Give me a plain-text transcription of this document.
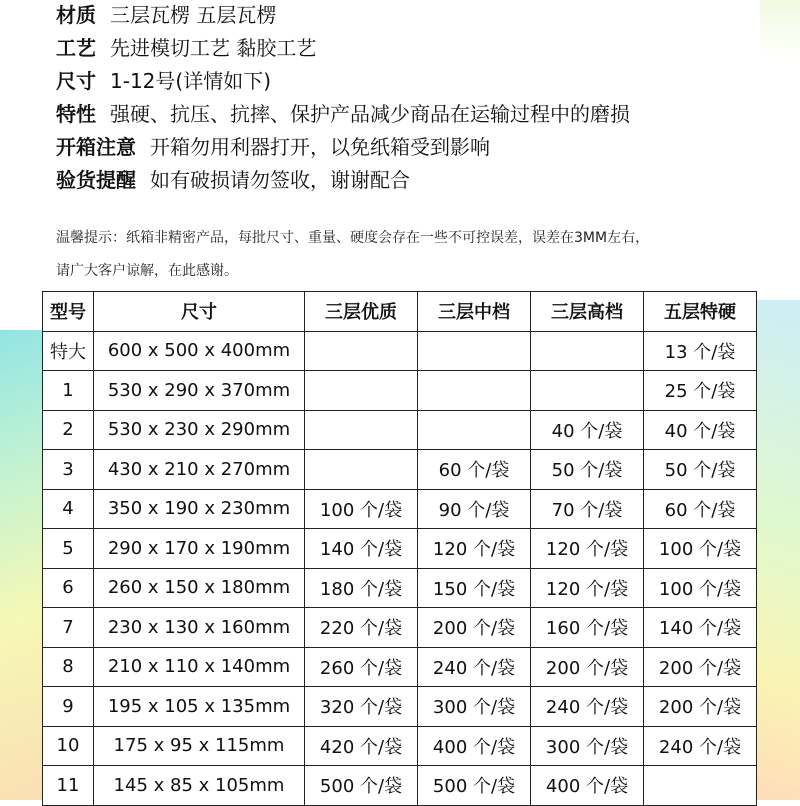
材质 三层瓦楞 五层瓦楞
工艺 先进模切工艺 黏胶工艺
尺寸 1-12号(详情如下)
特性 强硬、抗压、抗摔、保护产品减少商品在运输过程中的磨损
开箱注意 开箱勿用利器打开，以免纸箱受到影响
验货提醒 如有破损请勿签收，谢谢配合
温馨提示：纸箱非精密产品，每批尺寸、重量、硬度会存在一些不可控误差，误差在3MM左右，
请广大客户谅解，在此感谢。
型号	尺寸	三层优质	三层中档	三层高档	五层特硬
特大	600 x 500 x 400mm				13 个/袋
1	530 x 290 x 370mm				25 个/袋
2	530 x 230 x 290mm			40 个/袋	40 个/袋
3	430 x 210 x 270mm		60 个/袋	50 个/袋	50 个/袋
4	350 x 190 x 230mm	100 个/袋	90 个/袋	70 个/袋	60 个/袋
5	290 x 170 x 190mm	140 个/袋	120 个/袋	120 个/袋	100 个/袋
6	260 x 150 x 180mm	180 个/袋	150 个/袋	120 个/袋	100 个/袋
7	230 x 130 x 160mm	220 个/袋	200 个/袋	160 个/袋	140 个/袋
8	210 x 110 x 140mm	260 个/袋	240 个/袋	200 个/袋	200 个/袋
9	195 x 105 x 135mm	320 个/袋	300 个/袋	240 个/袋	200 个/袋
10	175 x 95 x 115mm	420 个/袋	400 个/袋	300 个/袋	240 个/袋
11	145 x 85 x 105mm	500 个/袋	500 个/袋	400 个/袋	
